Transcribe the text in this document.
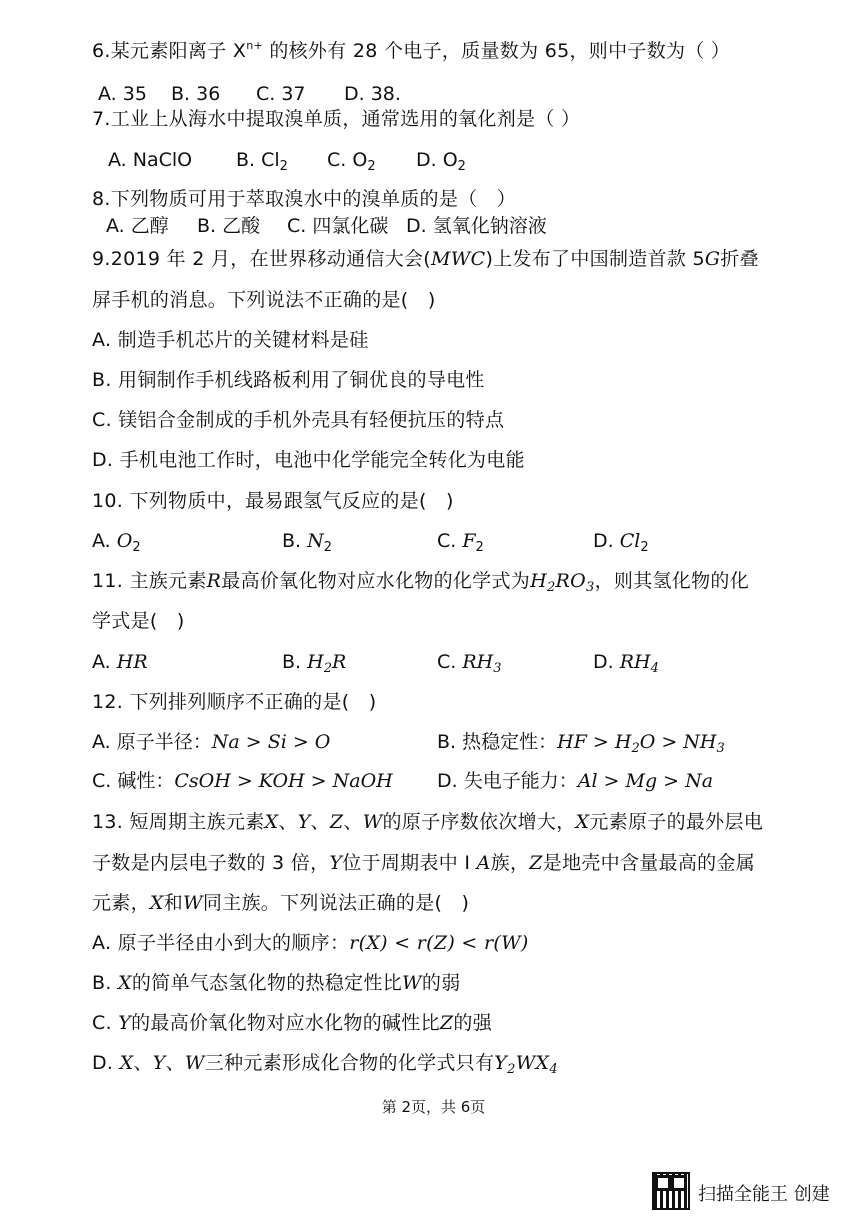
6.某元素阳离子 $X^{n+}$ 的核外有 28 个电子，质量数为 65，则中子数为（ ）
A. 35 B. 36 C. 37 D. 38.
7.工业上从海水中提取溴单质，通常选用的氧化剂是（ ）
A. NaClO B. $Cl_2$ C. $O_2$ D. $O_2$
8.下列物质可用于萃取溴水中的溴单质的是（　）
A. 乙醇 B. 乙酸 C. 四氯化碳 D. 氢氧化钠溶液
9.2019 年 2 月，在世界移动通信大会(MWC)上发布了中国制造首款 5G折叠
屏手机的消息。下列说法不正确的是(　)
A. 制造手机芯片的关键材料是硅
B. 用铜制作手机线路板利用了铜优良的导电性
C. 镁铝合金制成的手机外壳具有轻便抗压的特点
D. 手机电池工作时，电池中化学能完全转化为电能
10. 下列物质中，最易跟氢气反应的是(　)
A. $O_2$	B. $N_2$	C. $F_2$	D. $Cl_2$
11. 主族元素R最高价氧化物对应水化物的化学式为$H_2RO_3$，则其氢化物的化
学式是(　)
A. HR	B. $H_2R$	C. $RH_3$	D. $RH_4$
12. 下列排列顺序不正确的是(　)
A. 原子半径：Na > Si > O	B. 热稳定性：HF > $H_2O > NH_3$
C. 碱性：CsOH > KOH > NaOH D. 失电子能力：Al > Mg > Na
13. 短周期主族元素X、Y、Z、W的原子序数依次增大，X元素原子的最外层电
子数是内层电子数的 3 倍，Y位于周期表中 Ⅰ A族，Z是地壳中含量最高的金属
元素，X和W同主族。下列说法正确的是(　)
A. 原子半径由小到大的顺序：r(X) < r(Z) < r(W)
B. X的简单气态氢化物的热稳定性比W的弱
C. Y的最高价氧化物对应水化物的碱性比Z的强
D. X、Y、W三种元素形成化合物的化学式只有$Y_2WX_4$
第 2页，共 6页
扫描全能王 创建
